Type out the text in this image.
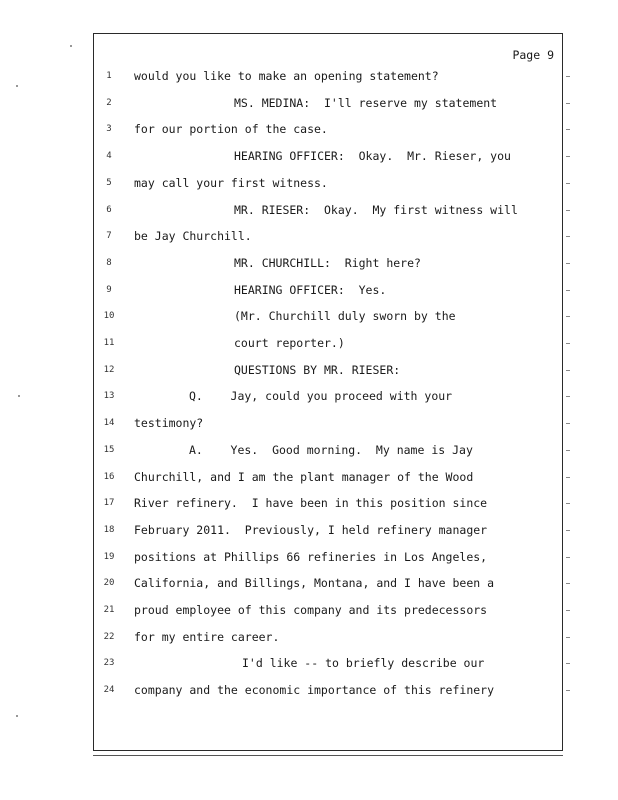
Page 9
1	would you like to make an opening statement?
2	MS. MEDINA:  I'll reserve my statement
3	for our portion of the case.
4	HEARING OFFICER:  Okay.  Mr. Rieser, you
5	may call your first witness.
6	MR. RIESER:  Okay.  My first witness will
7	be Jay Churchill.
8	MR. CHURCHILL:  Right here?
9	HEARING OFFICER:  Yes.
10	(Mr. Churchill duly sworn by the
11	court reporter.)
12	QUESTIONS BY MR. RIESER:
13	Q.    Jay, could you proceed with your
14	testimony?
15	A.    Yes.  Good morning.  My name is Jay
16	Churchill, and I am the plant manager of the Wood
17	River refinery.  I have been in this position since
18	February 2011.  Previously, I held refinery manager
19	positions at Phillips 66 refineries in Los Angeles,
20	California, and Billings, Montana, and I have been a
21	proud employee of this company and its predecessors
22	for my entire career.
23	I'd like -- to briefly describe our
24	company and the economic importance of this refinery
